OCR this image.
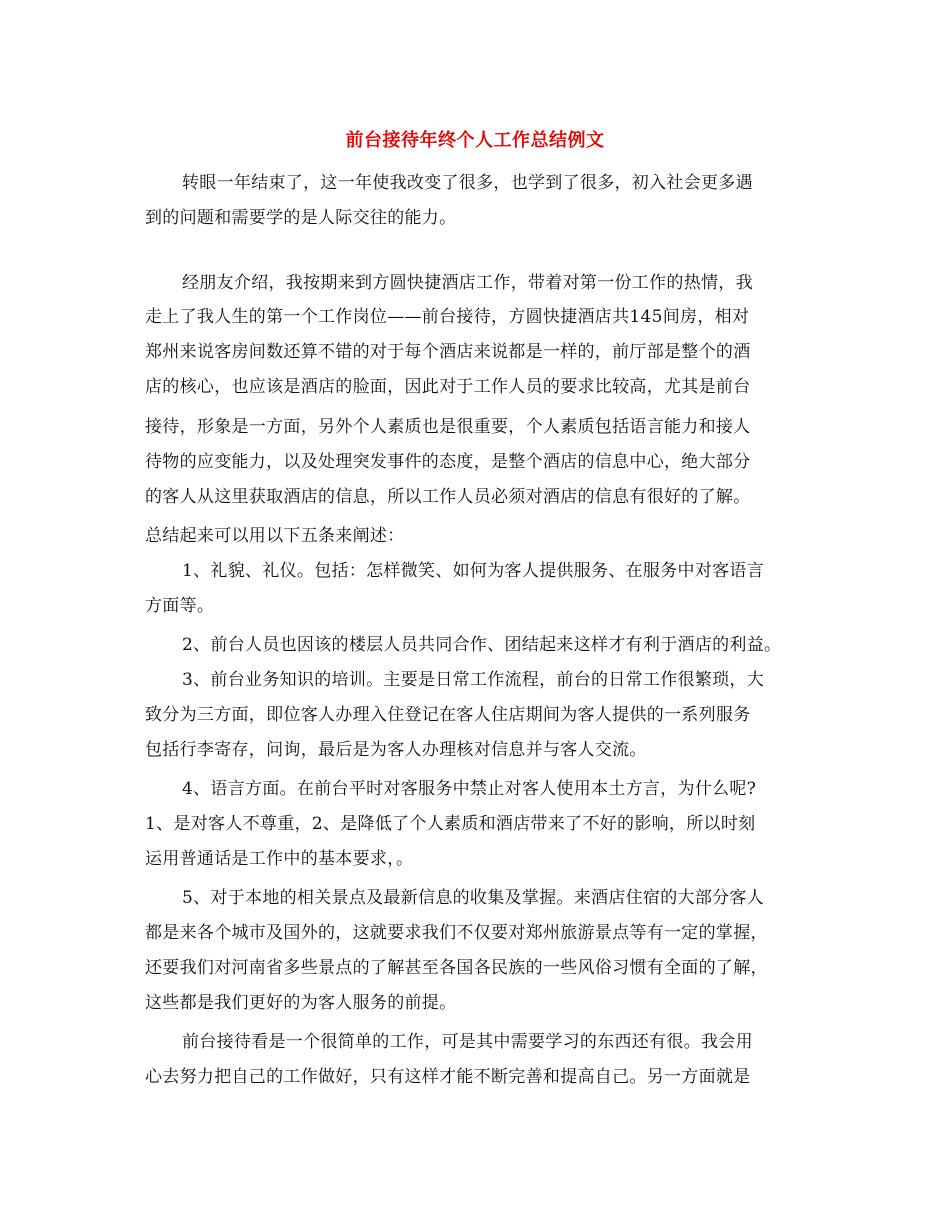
前台接待年终个人工作总结例文
转眼一年结束了，这一年使我改变了很多，也学到了很多，初入社会更多遇
到的问题和需要学的是人际交往的能力。
经朋友介绍，我按期来到方圆快捷酒店工作，带着对第一份工作的热情，我
走上了我人生的第一个工作岗位——前台接待，方圆快捷酒店共145间房，相对
郑州来说客房间数还算不错的对于每个酒店来说都是一样的，前厅部是整个的酒
店的核心，也应该是酒店的脸面，因此对于工作人员的要求比较高，尤其是前台
接待，形象是一方面，另外个人素质也是很重要，个人素质包括语言能力和接人
待物的应变能力，以及处理突发事件的态度，是整个酒店的信息中心，绝大部分
的客人从这里获取酒店的信息，所以工作人员必须对酒店的信息有很好的了解。
总结起来可以用以下五条来阐述：
1、礼貌、礼仪。包括：怎样微笑、如何为客人提供服务、在服务中对客语言
方面等。
2、前台人员也因该的楼层人员共同合作、团结起来这样才有利于酒店的利益。
3、前台业务知识的培训。主要是日常工作流程，前台的日常工作很繁琐，大
致分为三方面，即位客人办理入住登记在客人住店期间为客人提供的一系列服务
包括行李寄存，问询，最后是为客人办理核对信息并与客人交流。
4、语言方面。在前台平时对客服务中禁止对客人使用本土方言，为什么呢?
1、是对客人不尊重，2、是降低了个人素质和酒店带来了不好的影响，所以时刻
运用普通话是工作中的基本要求，。
5、对于本地的相关景点及最新信息的收集及掌握。来酒店住宿的大部分客人
都是来各个城市及国外的，这就要求我们不仅要对郑州旅游景点等有一定的掌握，
还要我们对河南省多些景点的了解甚至各国各民族的一些风俗习惯有全面的了解，
这些都是我们更好的为客人服务的前提。
前台接待看是一个很简单的工作，可是其中需要学习的东西还有很。我会用
心去努力把自己的工作做好，只有这样才能不断完善和提高自己。另一方面就是
